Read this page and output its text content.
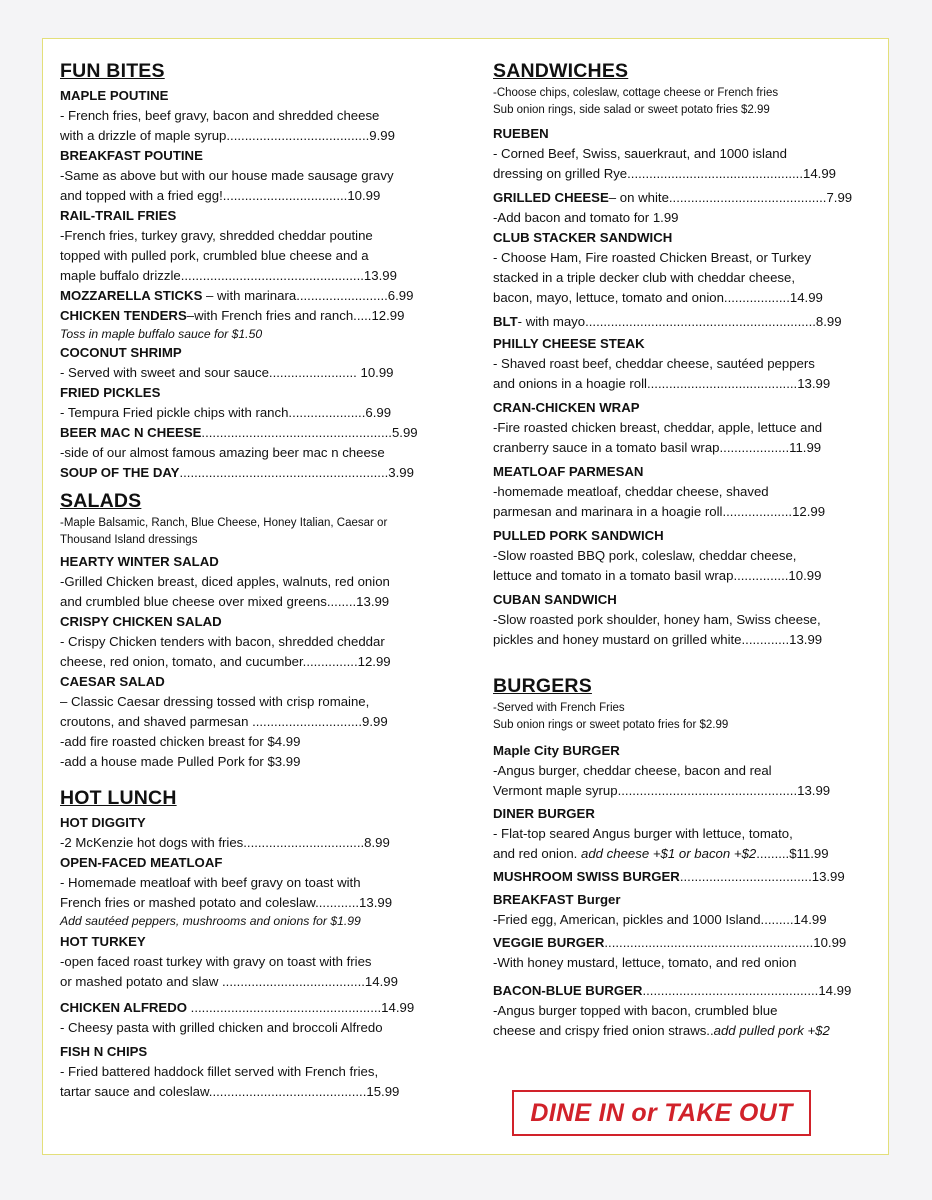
FUN BITES
MAPLE POUTINE
- French fries, beef gravy, bacon and shredded cheese
with a drizzle of maple syrup.......................................9.99
BREAKFAST POUTINE
-Same as above but with our house made sausage gravy
and topped with a fried egg!..................................10.99
RAIL-TRAIL FRIES
-French fries, turkey gravy, shredded cheddar poutine
topped with pulled pork, crumbled blue cheese and a
maple buffalo drizzle..................................................13.99
MOZZARELLA STICKS – with marinara.........................6.99
CHICKEN TENDERS–with French fries and ranch.....12.99
Toss in maple buffalo sauce for $1.50
COCONUT SHRIMP
- Served with sweet and sour sauce........................ 10.99
FRIED PICKLES
- Tempura Fried pickle chips with ranch.....................6.99
BEER MAC N CHEESE....................................................5.99
-side of our almost famous amazing beer mac n cheese
SOUP OF THE DAY.........................................................3.99
SALADS
-Maple Balsamic, Ranch, Blue Cheese, Honey Italian, Caesar or
Thousand Island dressings
HEARTY WINTER SALAD
-Grilled Chicken breast, diced apples, walnuts, red onion
and crumbled blue cheese over mixed greens........13.99
CRISPY CHICKEN SALAD
- Crispy Chicken tenders with bacon, shredded cheddar
cheese, red onion, tomato, and cucumber...............12.99
CAESAR SALAD
– Classic Caesar dressing tossed with crisp romaine,
croutons, and shaved parmesan ..............................9.99
-add fire roasted chicken breast for $4.99
-add a house made Pulled Pork for $3.99
HOT LUNCH
HOT DIGGITY
-2 McKenzie hot dogs with fries.................................8.99
OPEN-FACED MEATLOAF
- Homemade meatloaf with beef gravy on toast with
French fries or mashed potato and coleslaw............13.99
Add sautéed peppers, mushrooms and onions for $1.99
HOT TURKEY
-open faced roast turkey with gravy on toast with fries
or mashed potato and slaw .......................................14.99
CHICKEN ALFREDO ....................................................14.99
- Cheesy pasta with grilled chicken and broccoli Alfredo
FISH N CHIPS
- Fried battered haddock fillet served with French fries,
tartar sauce and coleslaw...........................................15.99
SANDWICHES
-Choose chips, coleslaw, cottage cheese or French fries
Sub onion rings, side salad or sweet potato fries $2.99
RUEBEN
- Corned Beef, Swiss, sauerkraut, and 1000 island
dressing on grilled Rye................................................14.99
GRILLED CHEESE– on white...........................................7.99
-Add bacon and tomato for 1.99
CLUB STACKER SANDWICH
- Choose Ham, Fire roasted Chicken Breast, or Turkey
stacked in a triple decker club with cheddar cheese,
bacon, mayo, lettuce, tomato and onion..................14.99
BLT- with mayo...............................................................8.99
PHILLY CHEESE STEAK
- Shaved roast beef, cheddar cheese, sautéed peppers
and onions in a hoagie roll.........................................13.99
CRAN-CHICKEN WRAP
-Fire roasted chicken breast, cheddar, apple, lettuce and
cranberry sauce in a tomato basil wrap...................11.99
MEATLOAF PARMESAN
-homemade meatloaf, cheddar cheese, shaved
parmesan and marinara in a hoagie roll...................12.99
PULLED PORK SANDWICH
-Slow roasted BBQ pork, coleslaw, cheddar cheese,
lettuce and tomato in a tomato basil wrap...............10.99
CUBAN SANDWICH
-Slow roasted pork shoulder, honey ham, Swiss cheese,
pickles and honey mustard on grilled white.............13.99
BURGERS
-Served with French Fries
Sub onion rings or sweet potato fries for $2.99
Maple City BURGER
-Angus burger, cheddar cheese, bacon and real
Vermont maple syrup.................................................13.99
DINER BURGER
- Flat-top seared Angus burger with lettuce, tomato,
and red onion. add cheese +$1 or bacon +$2.........$11.99
MUSHROOM SWISS BURGER....................................13.99
BREAKFAST Burger
-Fried egg, American, pickles and 1000 Island.........14.99
VEGGIE BURGER.........................................................10.99
-With honey mustard, lettuce, tomato, and red onion
BACON-BLUE BURGER................................................14.99
-Angus burger topped with bacon, crumbled blue
cheese and crispy fried onion straws..add pulled pork +$2
DINE IN or TAKE OUT
